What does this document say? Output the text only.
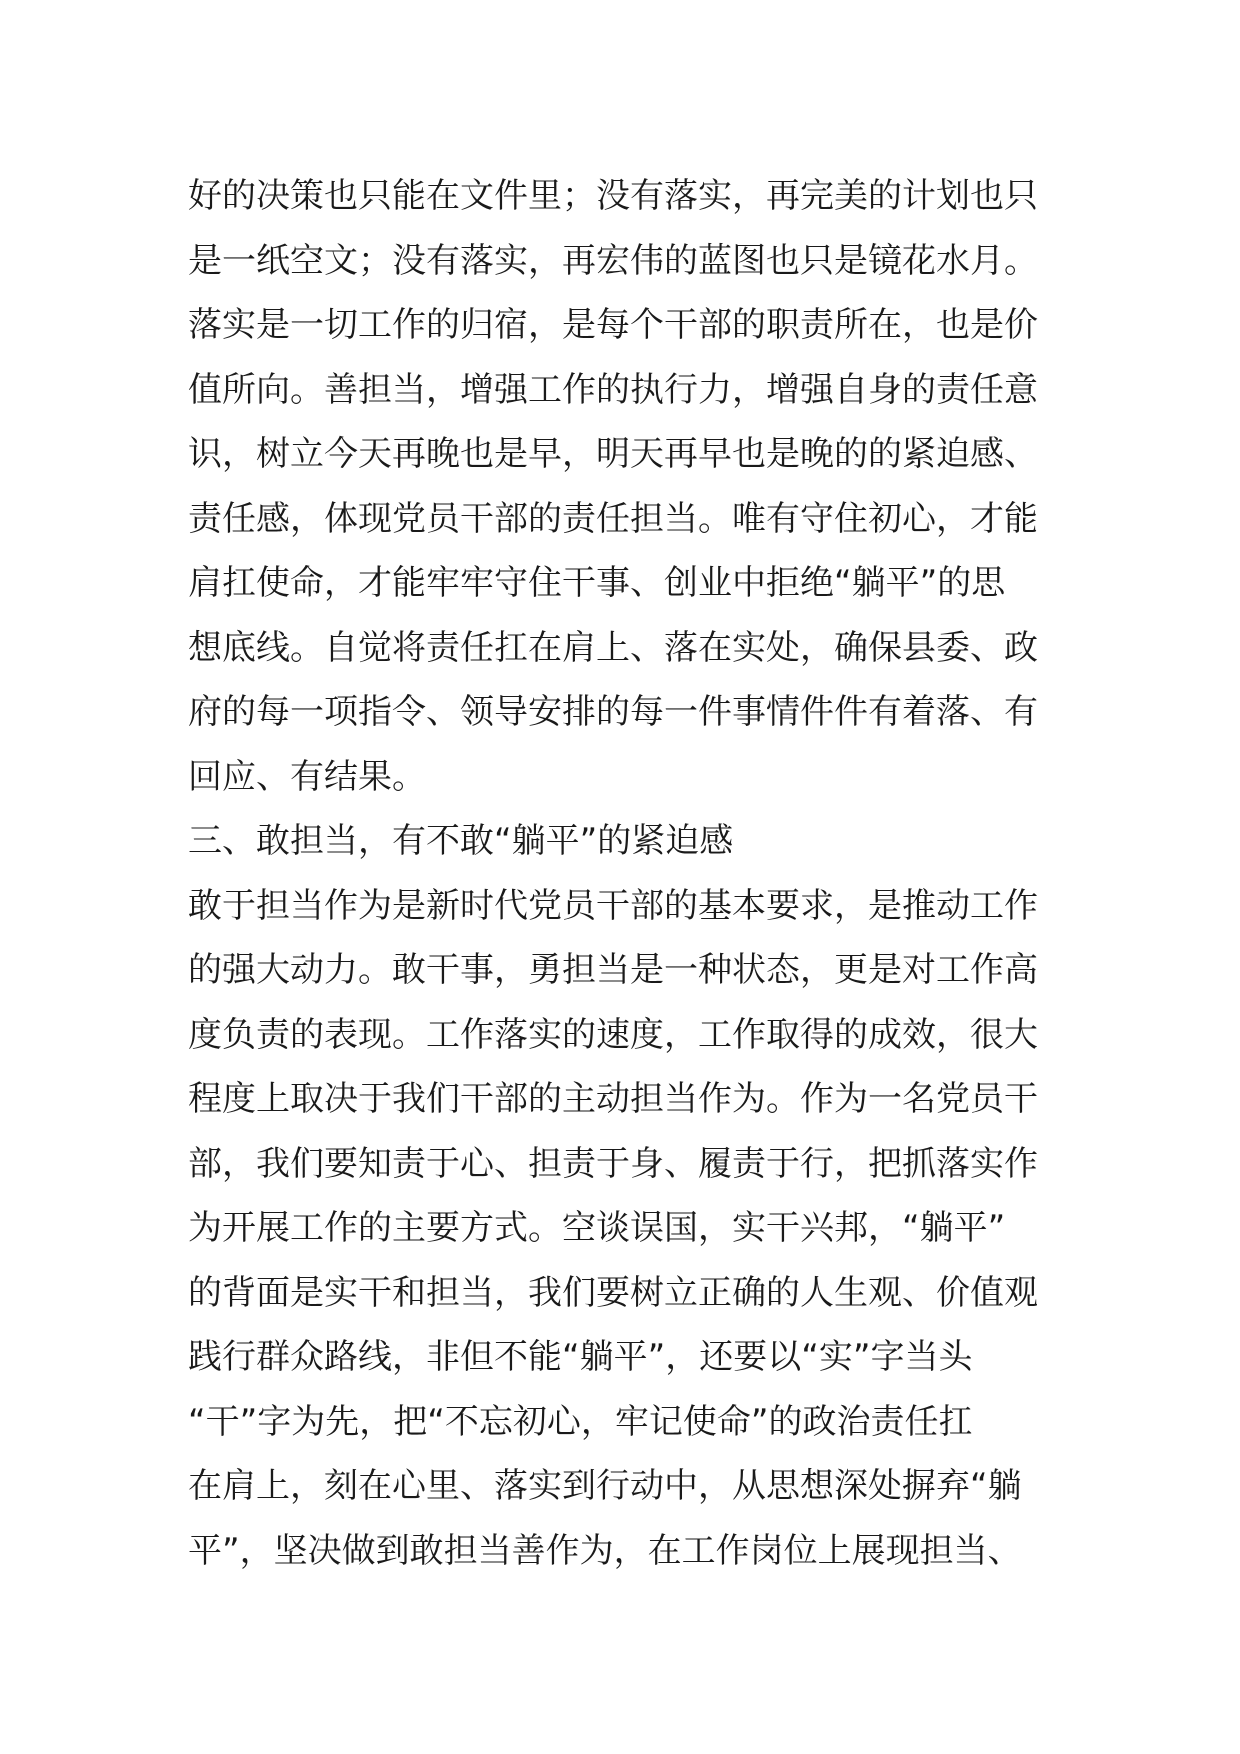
好的决策也只能在文件里；没有落实，再完美的计划也只
是一纸空文；没有落实，再宏伟的蓝图也只是镜花水月。
落实是一切工作的归宿，是每个干部的职责所在，也是价
值所向。善担当，增强工作的执行力，增强自身的责任意
识，树立今天再晚也是早，明天再早也是晚的的紧迫感、
责任感，体现党员干部的责任担当。唯有守住初心，才能
肩扛使命，才能牢牢守住干事、创业中拒绝“躺平”的思
想底线。自觉将责任扛在肩上、落在实处，确保县委、政
府的每一项指令、领导安排的每一件事情件件有着落、有
回应、有结果。
三、敢担当，有不敢“躺平”的紧迫感
敢于担当作为是新时代党员干部的基本要求，是推动工作
的强大动力。敢干事，勇担当是一种状态，更是对工作高
度负责的表现。工作落实的速度，工作取得的成效，很大
程度上取决于我们干部的主动担当作为。作为一名党员干
部，我们要知责于心、担责于身、履责于行，把抓落实作
为开展工作的主要方式。空谈误国，实干兴邦，“躺平”
的背面是实干和担当，我们要树立正确的人生观、价值观
践行群众路线，非但不能“躺平”，还要以“实”字当头
“干”字为先，把“不忘初心，牢记使命”的政治责任扛
在肩上，刻在心里、落实到行动中，从思想深处摒弃“躺
平”，坚决做到敢担当善作为，在工作岗位上展现担当、
